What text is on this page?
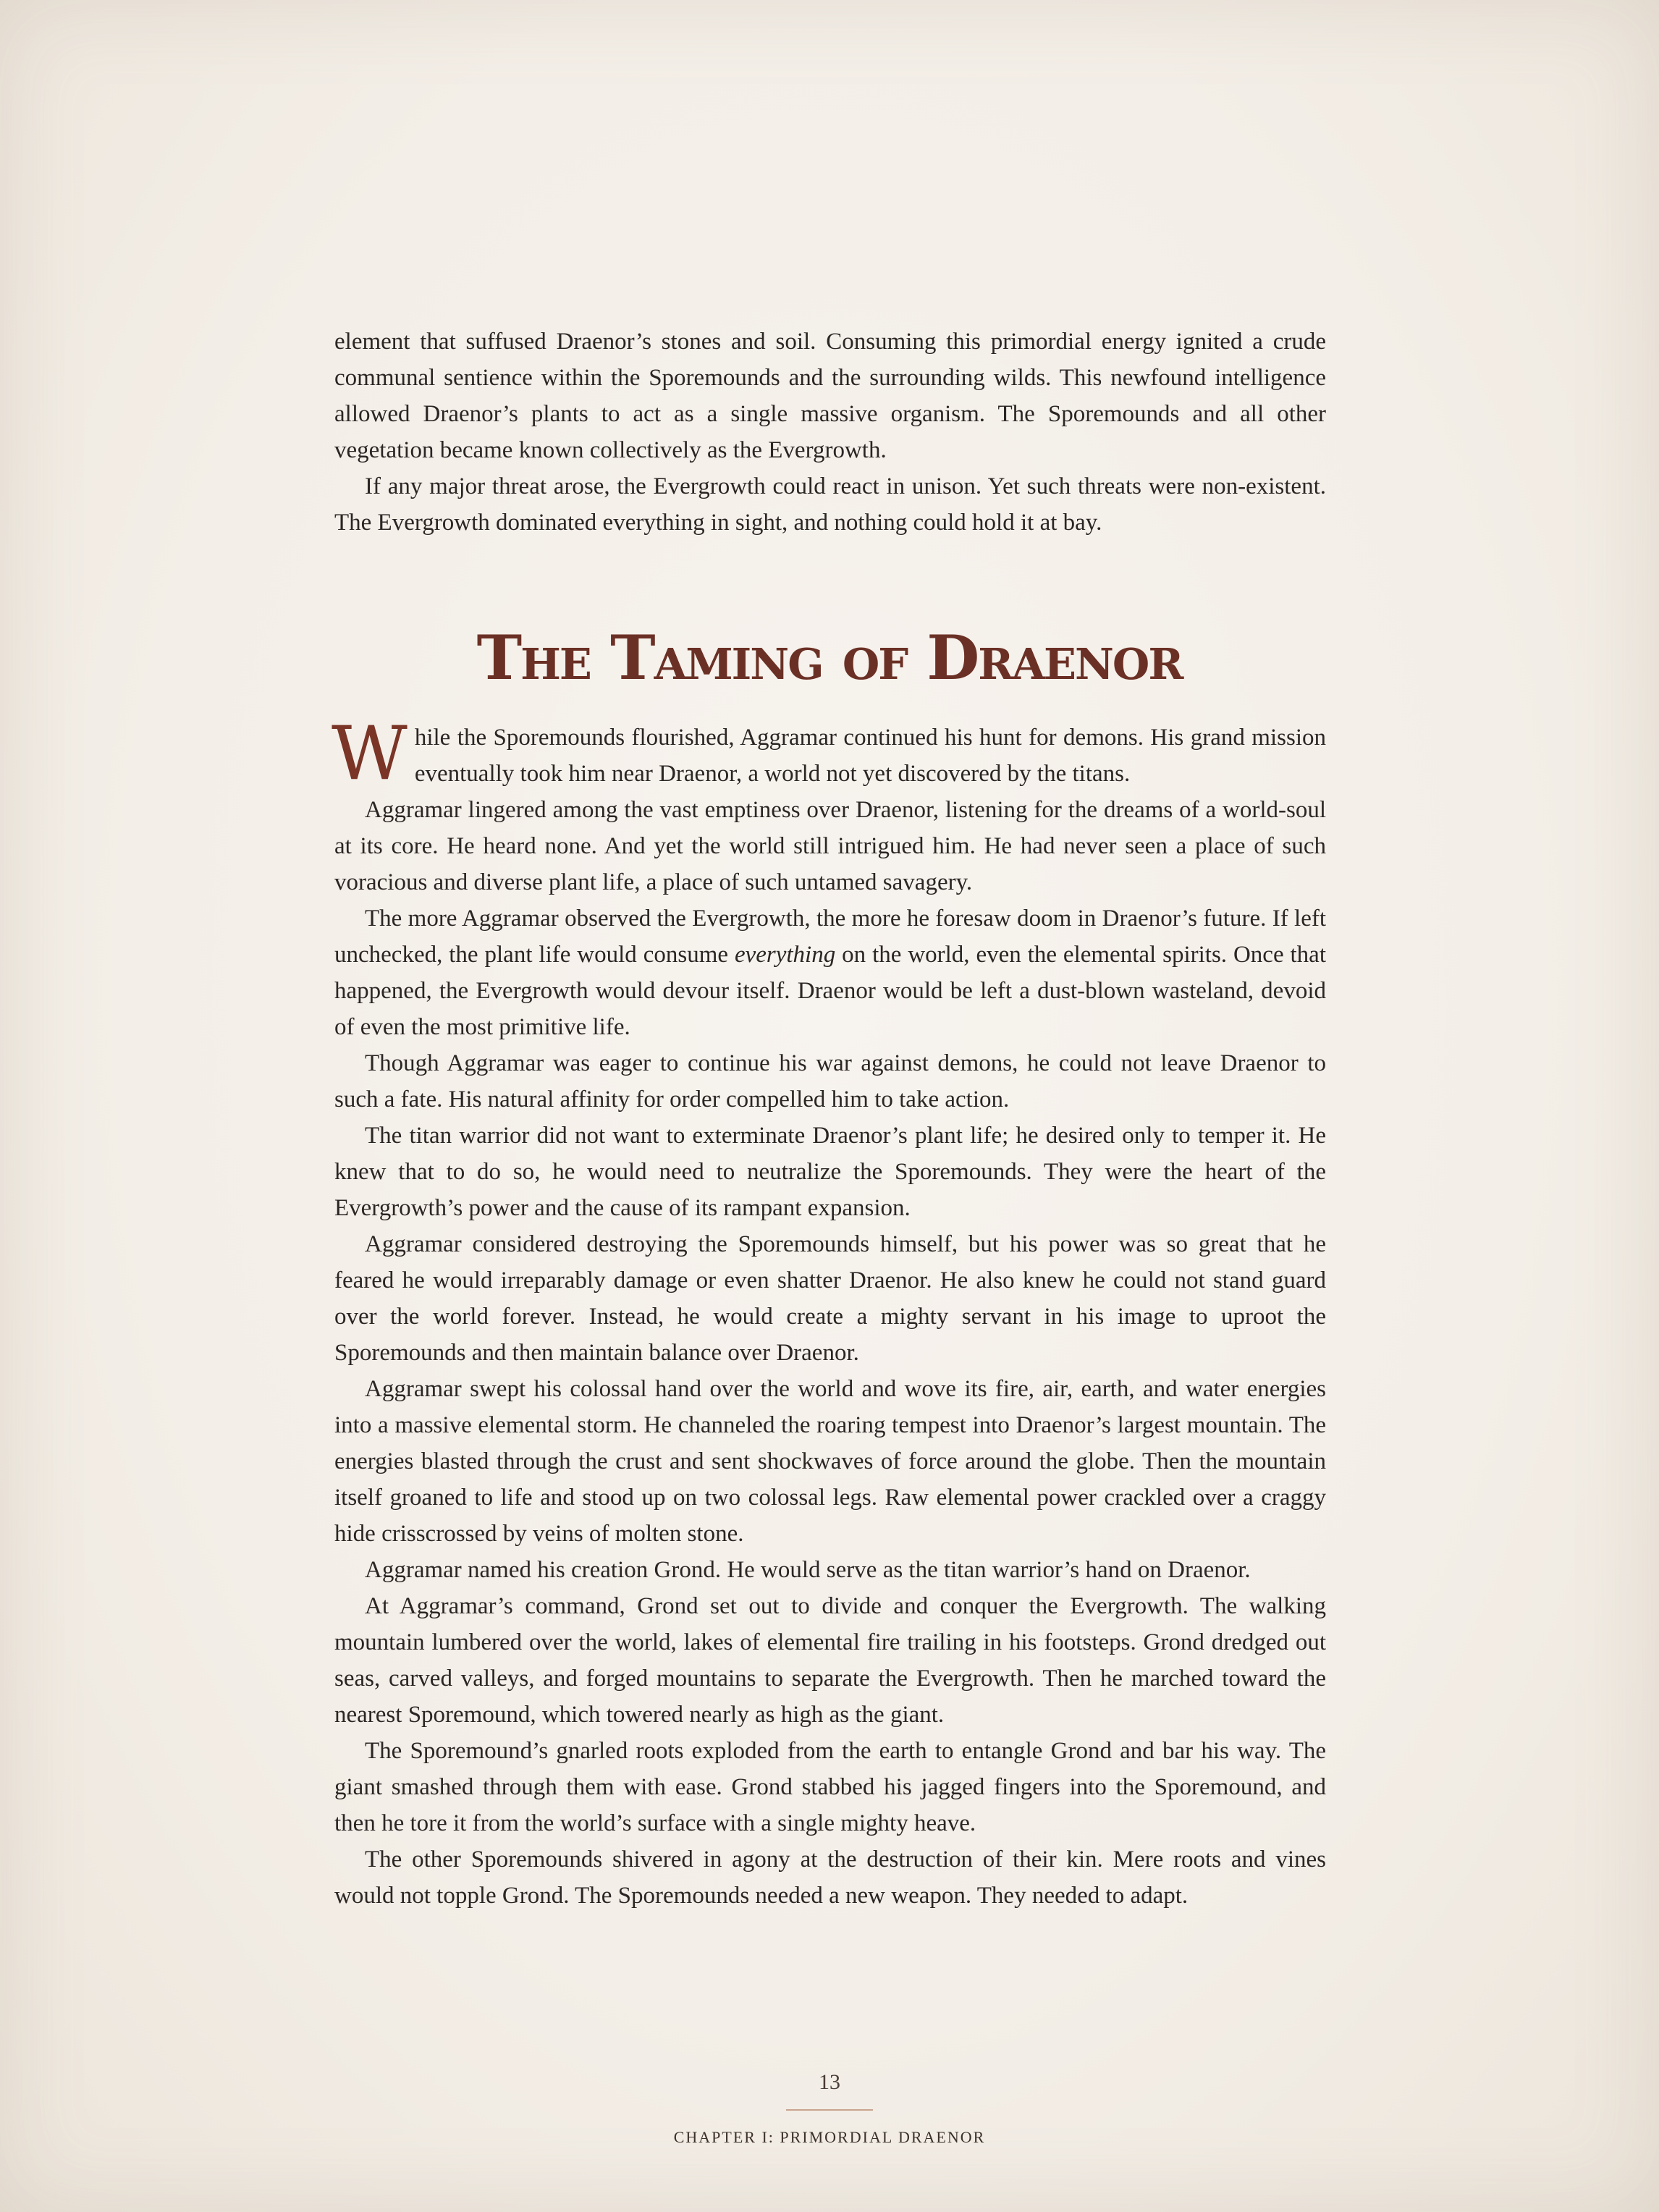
element that suffused Draenor’s stones and soil. Consuming this primordial energy ignited a crude communal sentience within the Sporemounds and the surrounding wilds. This newfound intelligence allowed Draenor’s plants to act as a single massive organism. The Sporemounds and all other vegetation became known collectively as the Evergrowth.

If any major threat arose, the Evergrowth could react in unison. Yet such threats were non-existent. The Evergrowth dominated everything in sight, and nothing could hold it at bay.

The Taming of Draenor

While the Sporemounds flourished, Aggramar continued his hunt for demons. His grand mission eventually took him near Draenor, a world not yet discovered by the titans.

Aggramar lingered among the vast emptiness over Draenor, listening for the dreams of a world-soul at its core. He heard none. And yet the world still intrigued him. He had never seen a place of such voracious and diverse plant life, a place of such untamed savagery.

The more Aggramar observed the Evergrowth, the more he foresaw doom in Draenor’s future. If left unchecked, the plant life would consume everything on the world, even the elemental spirits. Once that happened, the Evergrowth would devour itself. Draenor would be left a dust-blown wasteland, devoid of even the most primitive life.

Though Aggramar was eager to continue his war against demons, he could not leave Draenor to such a fate. His natural affinity for order compelled him to take action.

The titan warrior did not want to exterminate Draenor’s plant life; he desired only to temper it. He knew that to do so, he would need to neutralize the Sporemounds. They were the heart of the Evergrowth’s power and the cause of its rampant expansion.

Aggramar considered destroying the Sporemounds himself, but his power was so great that he feared he would irreparably damage or even shatter Draenor. He also knew he could not stand guard over the world forever. Instead, he would create a mighty servant in his image to uproot the Sporemounds and then maintain balance over Draenor.

Aggramar swept his colossal hand over the world and wove its fire, air, earth, and water energies into a massive elemental storm. He channeled the roaring tempest into Draenor’s largest mountain. The energies blasted through the crust and sent shockwaves of force around the globe. Then the mountain itself groaned to life and stood up on two colossal legs. Raw elemental power crackled over a craggy hide crisscrossed by veins of molten stone.

Aggramar named his creation Grond. He would serve as the titan warrior’s hand on Draenor.

At Aggramar’s command, Grond set out to divide and conquer the Evergrowth. The walking mountain lumbered over the world, lakes of elemental fire trailing in his footsteps. Grond dredged out seas, carved valleys, and forged mountains to separate the Evergrowth. Then he marched toward the nearest Sporemound, which towered nearly as high as the giant.

The Sporemound’s gnarled roots exploded from the earth to entangle Grond and bar his way. The giant smashed through them with ease. Grond stabbed his jagged fingers into the Sporemound, and then he tore it from the world’s surface with a single mighty heave.

The other Sporemounds shivered in agony at the destruction of their kin. Mere roots and vines would not topple Grond. The Sporemounds needed a new weapon. They needed to adapt.

13
CHAPTER I: PRIMORDIAL DRAENOR
